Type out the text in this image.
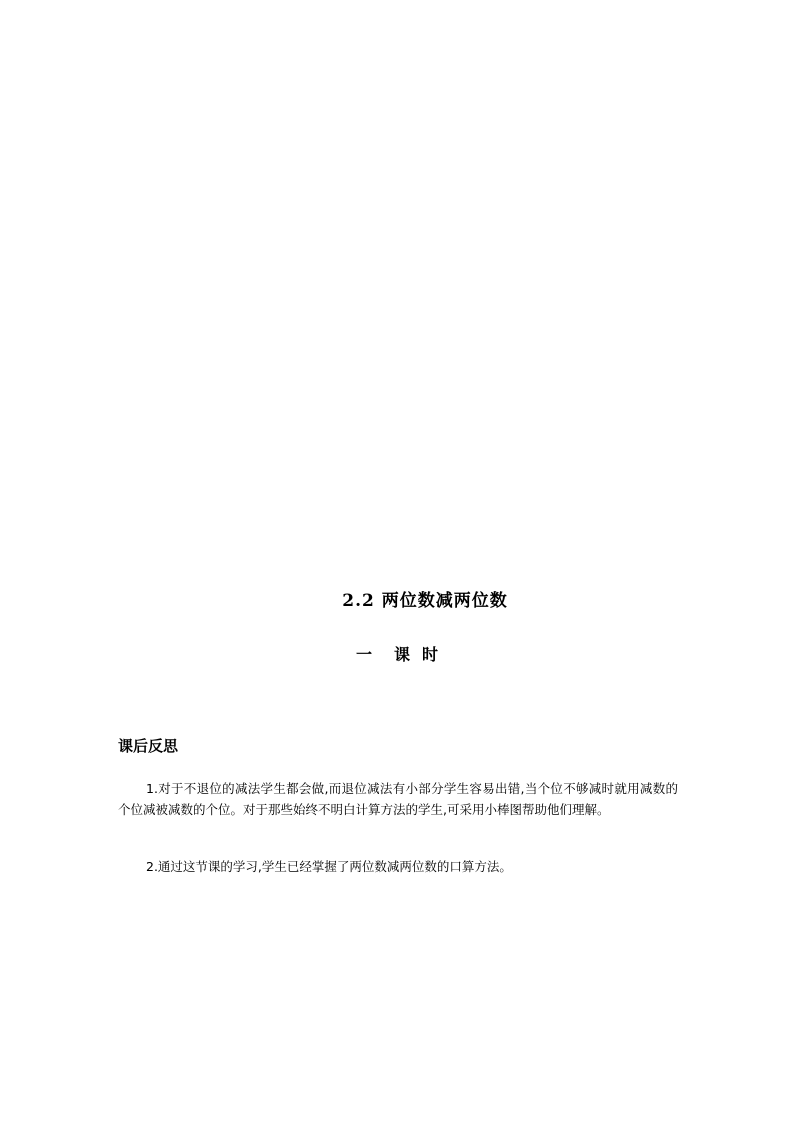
2.2 两位数减两位数
一 课 时
课后反思

1.对于不退位的减法学生都会做,而退位减法有小部分学生容易出错,当个位不够减时就用减数的个位减被减数的个位。对于那些始终不明白计算方法的学生,可采用小棒图帮助他们理解。

2.通过这节课的学习,学生已经掌握了两位数减两位数的口算方法。
